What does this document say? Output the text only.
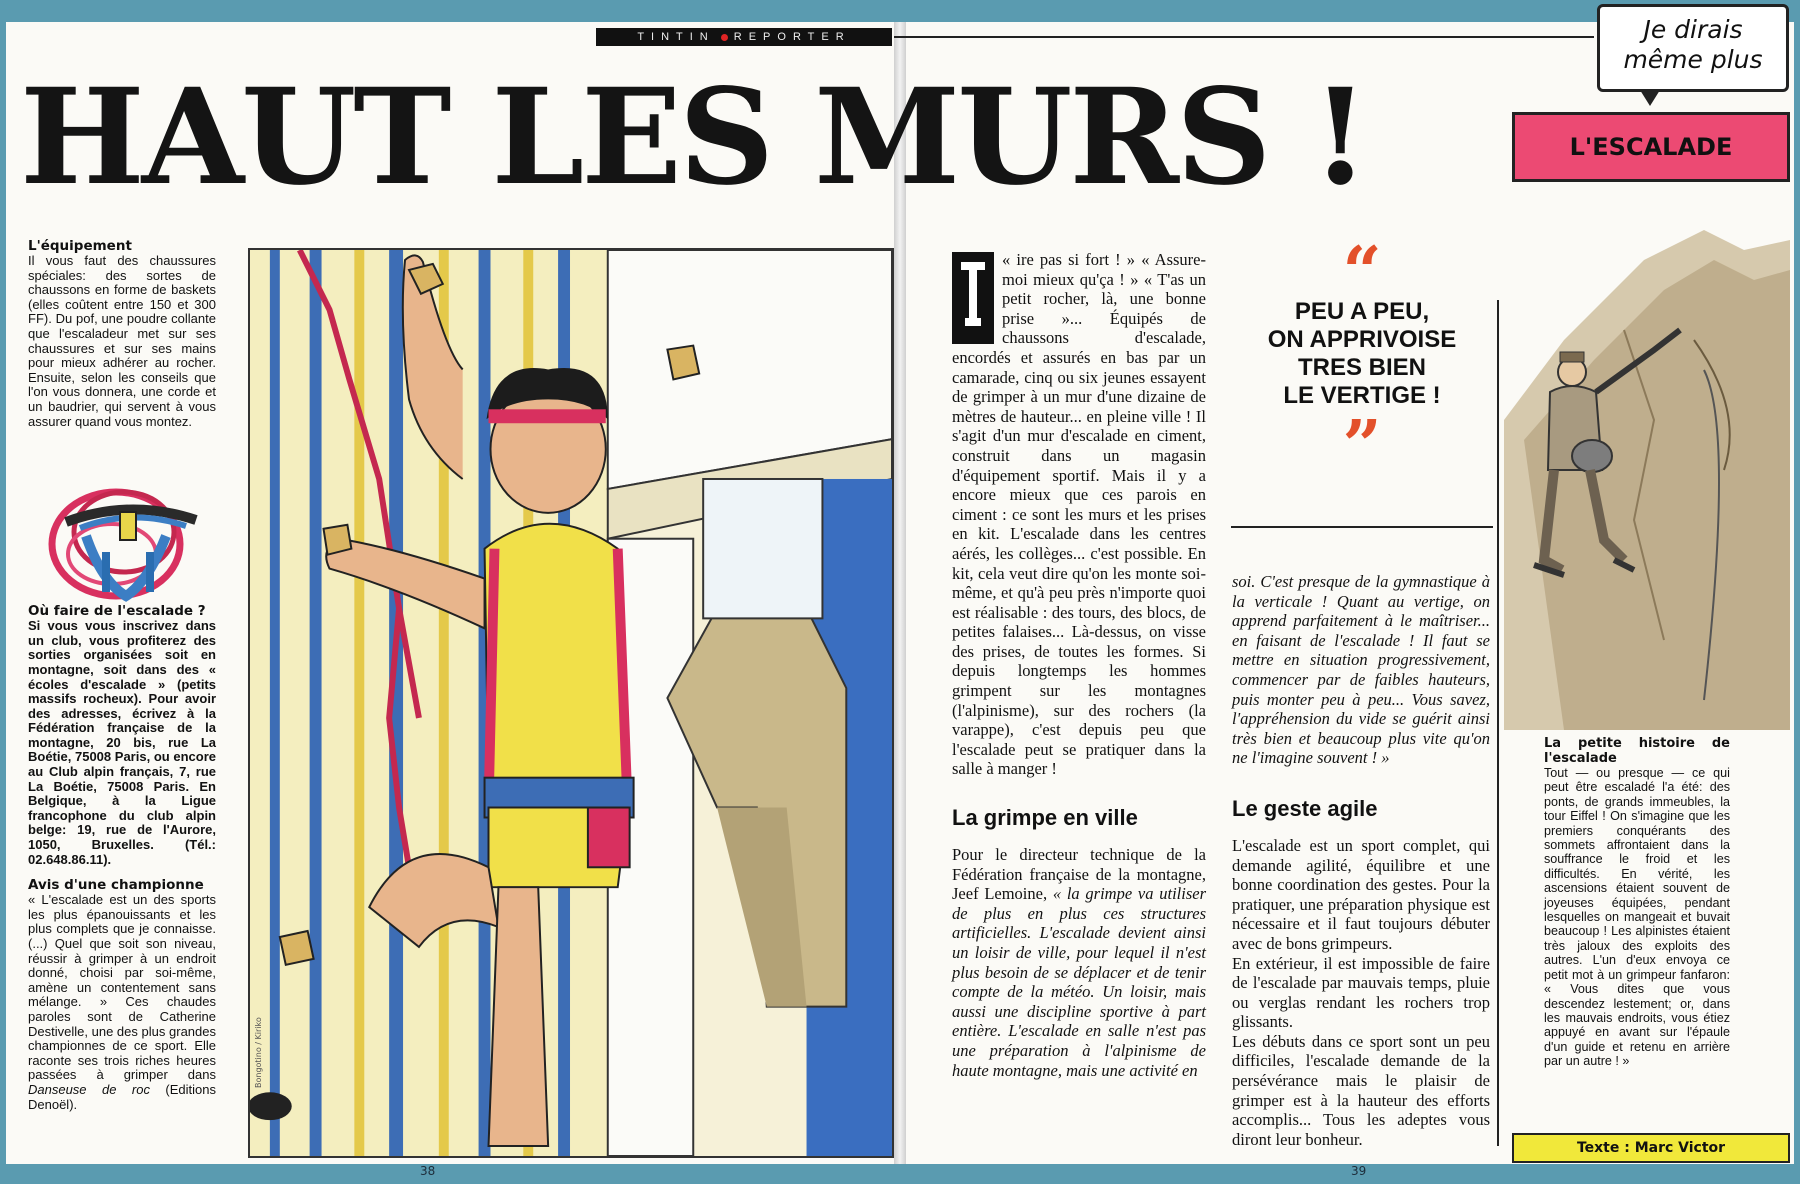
TINTIN REPORTER
HAUT LES MURS !
Je dirais
même plus
L'ESCALADE
L'équipement

Il vous faut des chaussures spéciales: des sortes de chaussons en forme de baskets (elles coûtent entre 150 et 300 FF). Du pof, une poudre collante que l'escaladeur met sur ses chaussures et sur ses mains pour mieux adhérer au rocher. Ensuite, selon les conseils que l'on vous donnera, une corde et un baudrier, qui servent à vous assurer quand vous montez.

Où faire de l'escalade ?

Si vous vous inscrivez dans un club, vous profiterez des sorties organisées soit en montagne, soit dans des « écoles d'escalade » (petits massifs rocheux). Pour avoir des adresses, écrivez à la Fédération française de la montagne, 20 bis, rue La Boétie, 75008 Paris, ou encore au Club alpin français, 7, rue La Boétie, 75008 Paris. En Belgique, à la Ligue francophone du club alpin belge: 19, rue de l'Aurore, 1050, Bruxelles. (Tél.: 02.648.86.11).

Avis d'une championne

« L'escalade est un des sports les plus épanouissants et les plus complets que je connaisse.(...) Quel que soit son niveau, réussir à grimper à un endroit donné, choisi par soi-même, amène un contentement sans mélange. » Ces chaudes paroles sont de Catherine Destivelle, une des plus grandes championnes de ce sport. Elle raconte ses trois riches heures passées à grimper dans Danseuse de roc (Editions Denoël).

Bongotino / Kiriko

« ire pas si fort ! » « Assure-moi mieux qu'ça ! » « T'as un petit rocher, là, une bonne prise »... Équipés de chaussons d'escalade, encordés et assurés en bas par un camarade, cinq ou six jeunes essayent de grimper à un mur d'une dizaine de mètres de hauteur... en pleine ville ! Il s'agit d'un mur d'escalade en ciment, construit dans un magasin d'équipement sportif. Mais il y a encore mieux que ces parois en ciment : ce sont les murs et les prises en kit. L'escalade dans les centres aérés, les collèges... c'est possible. En kit, cela veut dire qu'on les monte soi-même, et qu'à peu près n'importe quoi est réalisable : des tours, des blocs, de petites falaises... Là-dessus, on visse des prises, de toutes les formes. Si depuis longtemps les hommes grimpent sur les montagnes (l'alpinisme), sur des rochers (la varappe), c'est depuis peu que l'escalade peut se pratiquer dans la salle à manger !

La grimpe en ville

Pour le directeur technique de la Fédération française de la montagne, Jeef Lemoine, « la grimpe va utiliser de plus en plus ces structures artificielles. L'escalade devient ainsi un loisir de ville, pour lequel il n'est plus besoin de se déplacer et de tenir compte de la météo. Un loisir, mais aussi une discipline sportive à part entière. L'escalade en salle n'est pas une préparation à l'alpinisme de haute montagne, mais une activité en

“
PEU A PEU,
ON APPRIVOISE
TRES BIEN
LE VERTIGE !
”

soi. C'est presque de la gymnastique à la verticale ! Quant au vertige, on apprend parfaitement à le maîtriser... en faisant de l'escalade ! Il faut se mettre en situation progressivement, commencer par de faibles hauteurs, puis monter peu à peu... Vous savez, l'appréhension du vide se guérit ainsi très bien et beaucoup plus vite qu'on ne l'imagine souvent ! »

Le geste agile

L'escalade est un sport complet, qui demande agilité, équilibre et une bonne coordination des gestes. Pour la pratiquer, une préparation physique est nécessaire et il faut toujours débuter avec de bons grimpeurs.

En extérieur, il est impossible de faire de l'escalade par mauvais temps, pluie ou verglas rendant les rochers trop glissants.

Les débuts dans ce sport sont un peu difficiles, l'escalade demande de la persévérance mais le plaisir de grimper est à la hauteur des efforts accomplis... Tous les adeptes vous diront leur bonheur.

La petite histoire de l'escalade

Tout — ou presque — ce qui peut être escaladé l'a été: des ponts, de grands immeubles, la tour Eiffel ! On s'imagine que les premiers conquérants des sommets affrontaient dans la souffrance le froid et les difficultés. En vérité, les ascensions étaient souvent de joyeuses équipées, pendant lesquelles on mangeait et buvait beaucoup ! Les alpinistes étaient très jaloux des exploits des autres. L'un d'eux envoya ce petit mot à un grimpeur fanfaron: « Vous dites que vous descendez lestement; or, dans les mauvais endroits, vous étiez appuyé en avant sur l'épaule d'un guide et retenu en arrière par un autre ! »

Texte : Marc Victor
38	39
